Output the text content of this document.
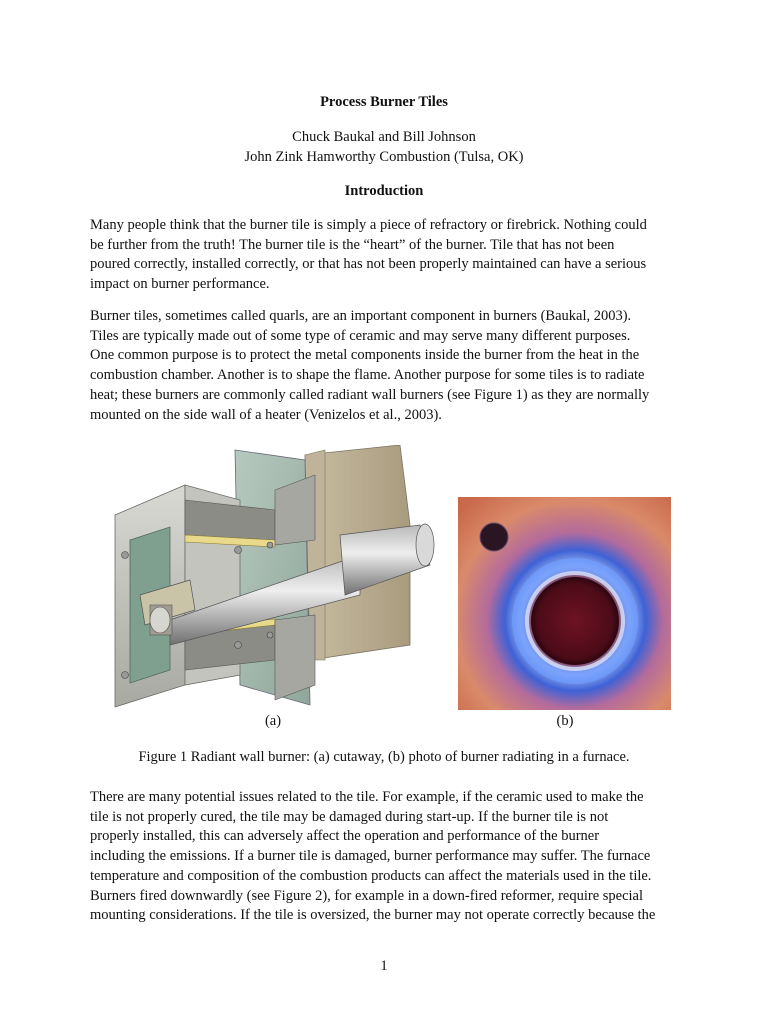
Process Burner Tiles
Chuck Baukal and Bill Johnson
John Zink Hamworthy Combustion (Tulsa, OK)
Introduction
Many people think that the burner tile is simply a piece of refractory or firebrick. Nothing could
be further from the truth! The burner tile is the “heart” of the burner. Tile that has not been
poured correctly, installed correctly, or that has not been properly maintained can have a serious
impact on burner performance.
Burner tiles, sometimes called quarls, are an important component in burners (Baukal, 2003).
Tiles are typically made out of some type of ceramic and may serve many different purposes.
One common purpose is to protect the metal components inside the burner from the heat in the
combustion chamber. Another is to shape the flame. Another purpose for some tiles is to radiate
heat; these burners are commonly called radiant wall burners (see Figure 1) as they are normally
mounted on the side wall of a heater (Venizelos et al., 2003).
(a)	(b)
Figure 1 Radiant wall burner: (a) cutaway, (b) photo of burner radiating in a furnace.
There are many potential issues related to the tile. For example, if the ceramic used to make the
tile is not properly cured, the tile may be damaged during start-up. If the burner tile is not
properly installed, this can adversely affect the operation and performance of the burner
including the emissions. If a burner tile is damaged, burner performance may suffer. The furnace
temperature and composition of the combustion products can affect the materials used in the tile.
Burners fired downwardly (see Figure 2), for example in a down-fired reformer, require special
mounting considerations. If the tile is oversized, the burner may not operate correctly because the
1
